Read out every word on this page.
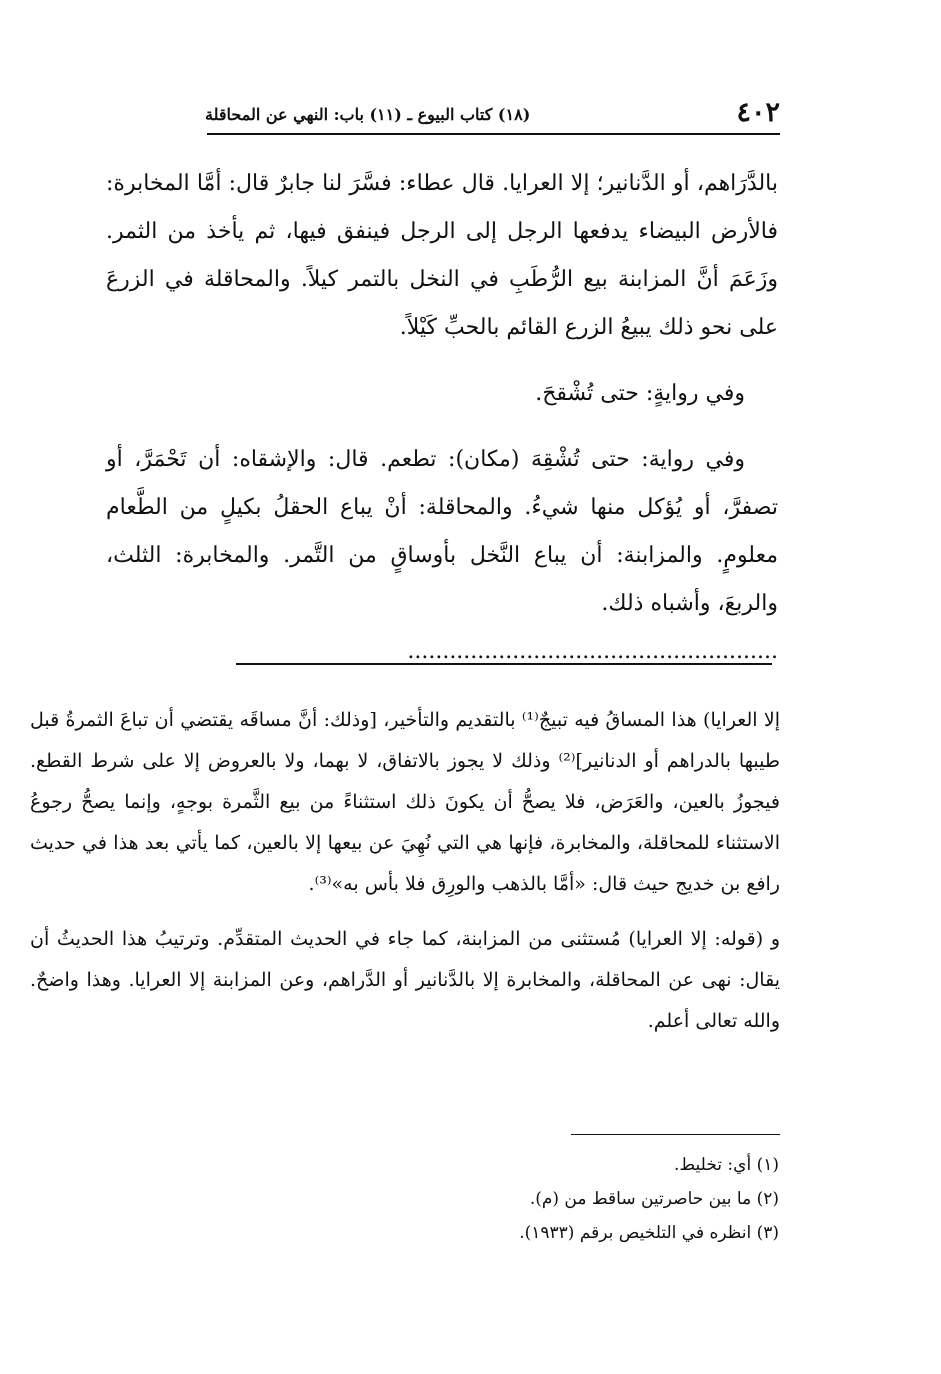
٤٠٢
(١٨) كتاب البيوع ـ (١١) باب: النهي عن المحاقلة

بالدَّرَاهم، أو الدَّنانير؛ إلا العرايا. قال عطاء: فسَّرَ لنا جابرٌ قال: أمَّا المخابرة: فالأرض البيضاء يدفعها الرجل إلى الرجل فينفق فيها، ثم يأخذ من الثمر. وزَعَمَ أنَّ المزابنة بيع الرُّطَبِ في النخل بالتمر كيلاً. والمحاقلة في الزرعَ على نحو ذلك يبيعُ الزرع القائم بالحبِّ كَيْلاً.

وفي روايةٍ: حتى تُشْقحَ.

وفي رواية: حتى تُشْقِهَ (مكان): تطعم. قال: والإشقاه: أن تَحْمَرَّ، أو تصفرَّ، أو يُؤكل منها شيءُ. والمحاقلة: أنْ يباع الحقلُ بكيلٍ من الطَّعام معلومٍ. والمزابنة: أن يباع النَّخل بأوساقٍ من التَّمر. والمخابرة: الثلث، والربعَ، وأشباه ذلك.

.....................................................

إلا العرايا) هذا المساقُ فيه تبيجٌ⁽¹⁾ بالتقديم والتأخير، [وذلك: أنَّ مساقَه يقتضي أن تباعَ الثمرةُ قبل طيبها بالدراهم أو الدنانير]⁽²⁾ وذلك لا يجوز بالاتفاق، لا بهما، ولا بالعروض إلا على شرط القطع. فيجوزُ بالعين، والعَرَض، فلا يصحُّ أن يكونَ ذلك استثناءً من بيع الثَّمرة بوجهٍ، وإنما يصحُّ رجوعُ الاستثناء للمحاقلة، والمخابرة، فإنها هي التي نُهِيَ عن بيعها إلا بالعين، كما يأتي بعد هذا في حديث رافع بن خديج حيث قال: «أمَّا بالذهب والورِق فلا بأس به»⁽³⁾.

و (قوله: إلا العرايا) مُستثنى من المزابنة، كما جاء في الحديث المتقدِّم. وترتيبُ هذا الحديثُ أن يقال: نهى عن المحاقلة، والمخابرة إلا بالدَّنانير أو الدَّراهم، وعن المزابنة إلا العرايا. وهذا واضحٌ. والله تعالى أعلم.

(١) أي: تخليط.
(٢) ما بين حاصرتين ساقط من (م).
(٣) انظره في التلخيص برقم (١٩٣٣).
